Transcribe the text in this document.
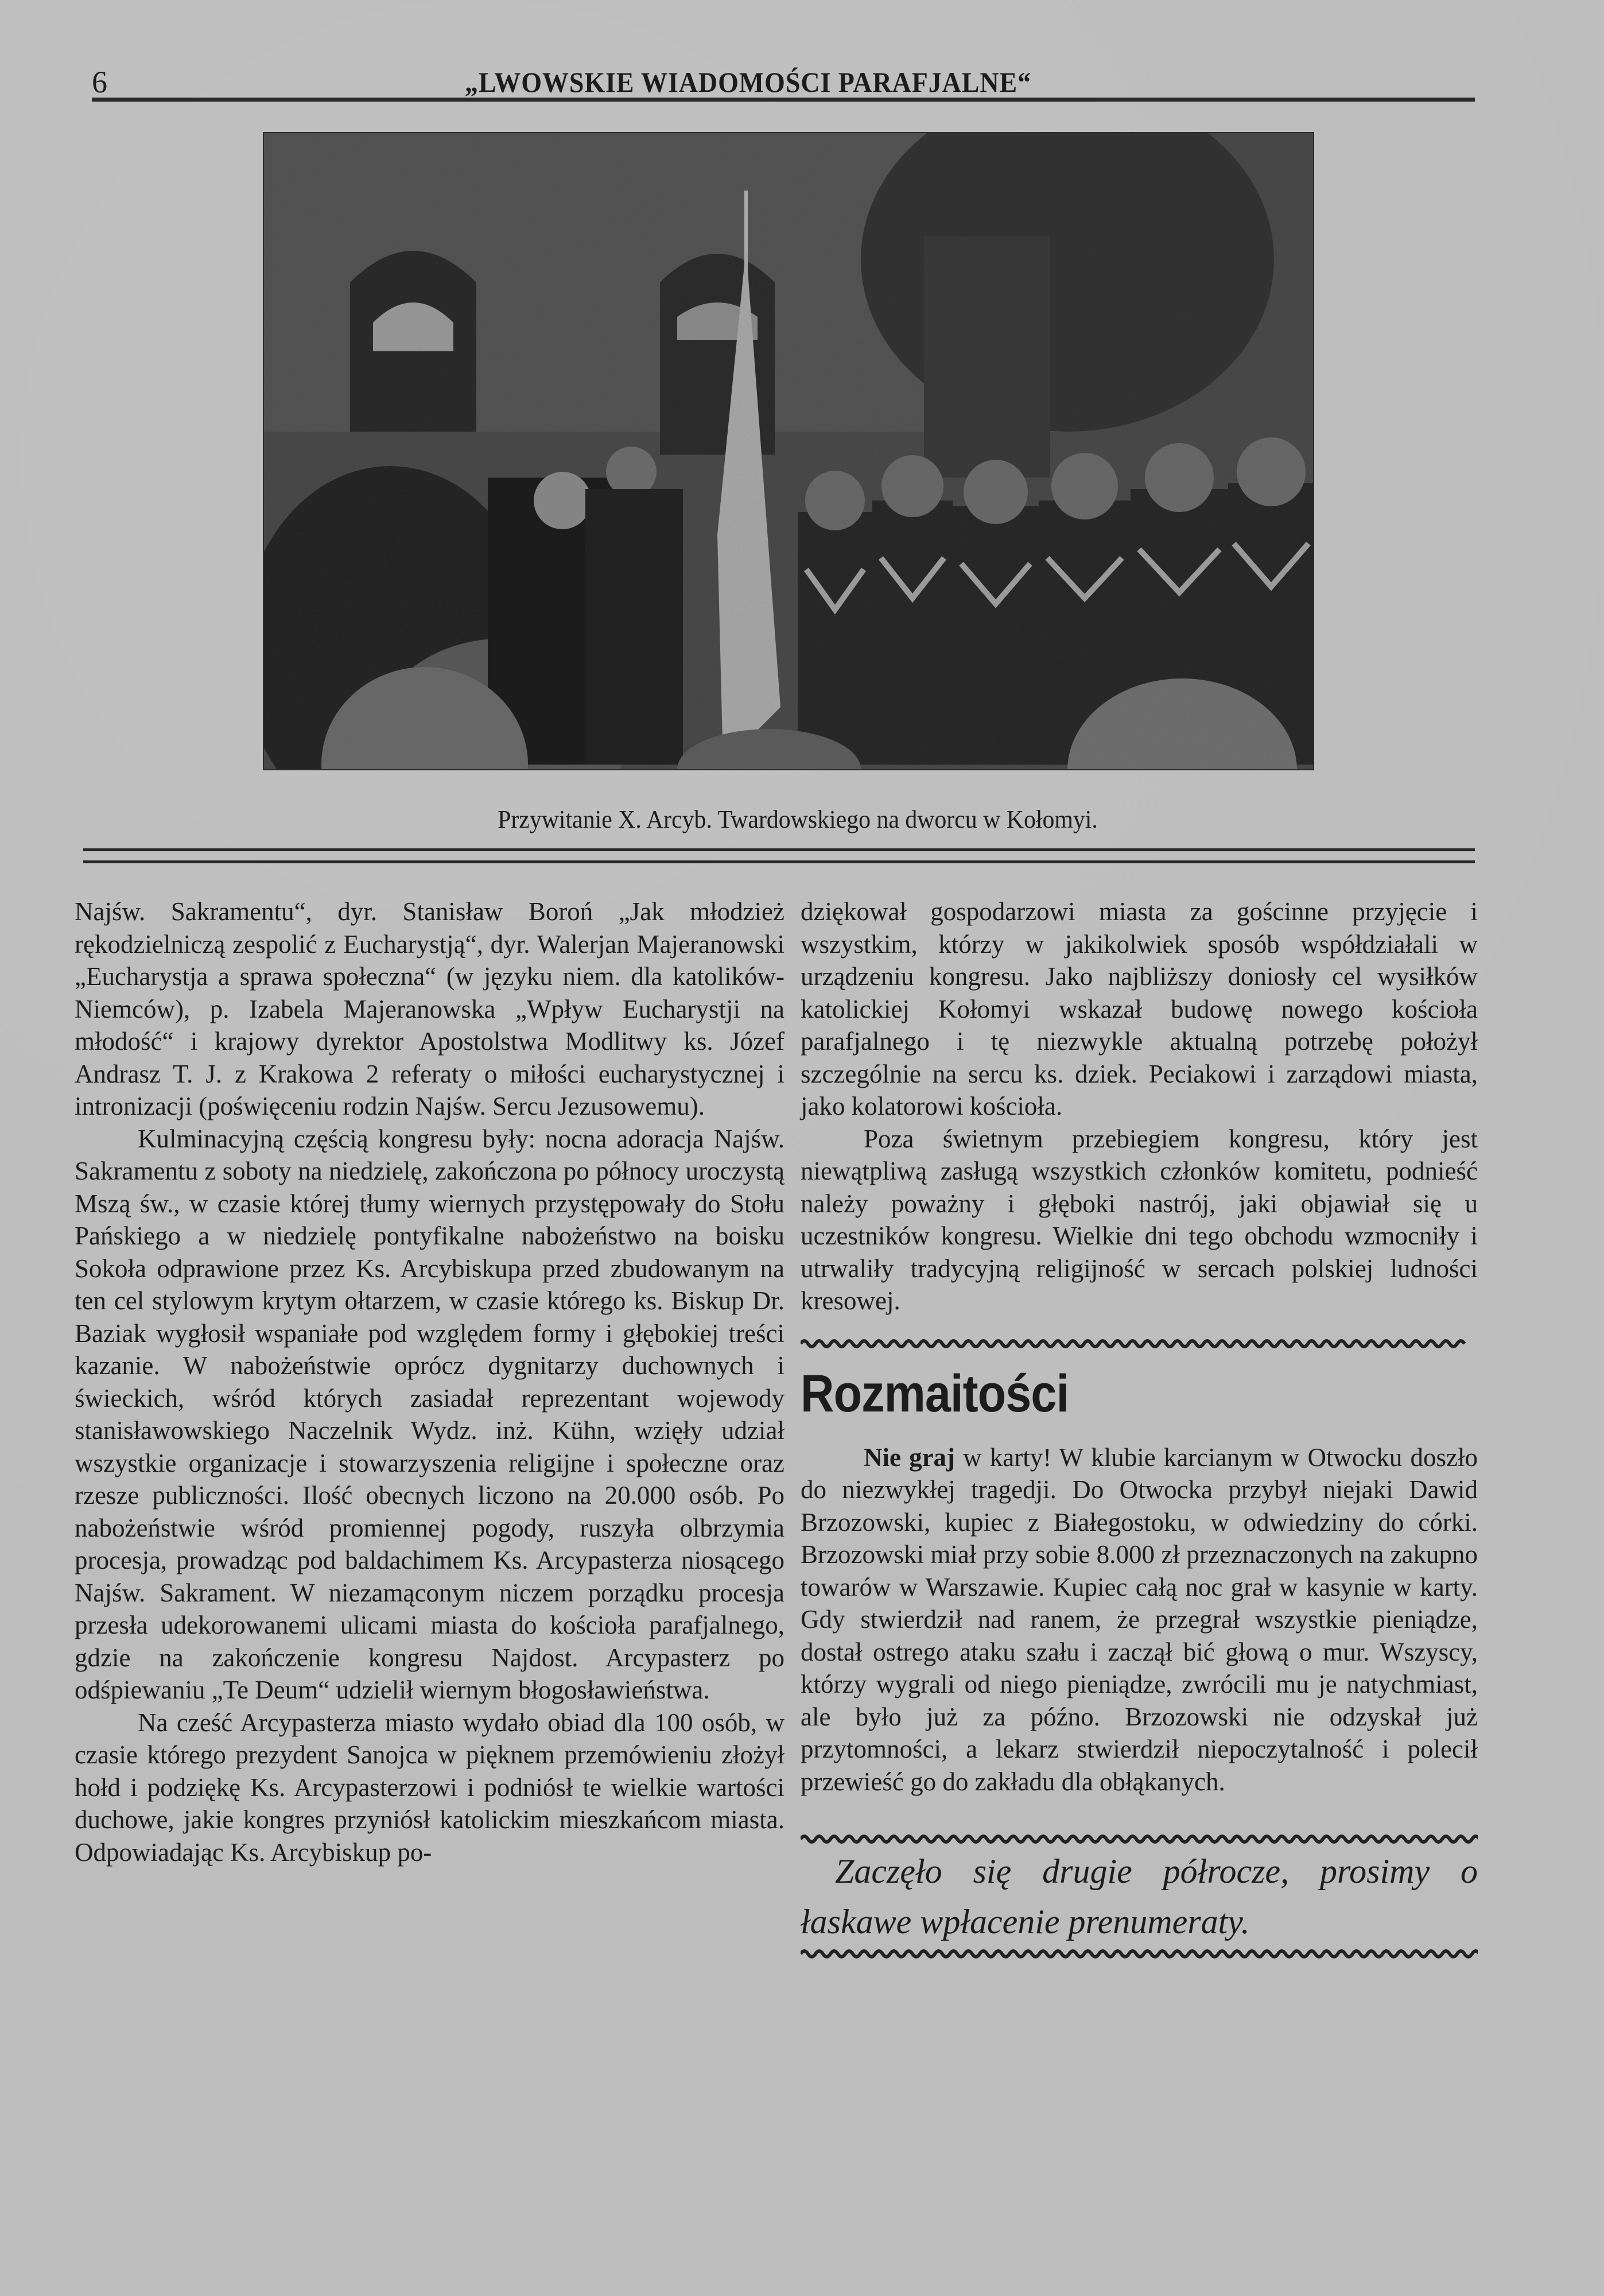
6	„LWOWSKIE WIADOMOŚCI PARAFJALNE“
Przywitanie X. Arcyb. Twardowskiego na dworcu w Kołomyi.

Najśw. Sakramentu“, dyr. Stanisław Boroń „Jak młodzież rękodzielniczą zespolić z Eucharystją“, dyr. Walerjan Majeranowski „Eucharystja a sprawa społeczna“ (w języku niem. dla katolików-Niemców), p. Izabela Majeranowska „Wpływ Eucharystji na młodość“ i krajowy dyrektor Apostolstwa Modlitwy ks. Józef Andrasz T. J. z Krakowa 2 referaty o miłości eucharystycznej i intronizacji (poświęceniu rodzin Najśw. Sercu Jezusowemu).

Kulminacyjną częścią kongresu były: nocna adoracja Najśw. Sakramentu z soboty na niedzielę, zakończona po północy uroczystą Mszą św., w czasie której tłumy wiernych przystępowały do Stołu Pańskiego a w niedzielę pontyfikalne nabożeństwo na boisku Sokoła odprawione przez Ks. Arcybiskupa przed zbudowanym na ten cel stylowym krytym ołtarzem, w czasie którego ks. Biskup Dr. Baziak wygłosił wspaniałe pod względem formy i głębokiej treści kazanie. W nabożeństwie oprócz dygnitarzy duchownych i świeckich, wśród których zasiadał reprezentant wojewody stanisławowskiego Naczelnik Wydz. inż. Kühn, wzięły udział wszystkie organizacje i stowarzyszenia religijne i społeczne oraz rzesze publiczności. Ilość obecnych liczono na 20.000 osób. Po nabożeństwie wśród promiennej pogody, ruszyła olbrzymia procesja, prowadząc pod baldachimem Ks. Arcypasterza niosącego Najśw. Sakrament. W niezamąconym niczem porządku procesja przesła udekorowanemi ulicami miasta do kościoła parafjalnego, gdzie na zakończenie kongresu Najdost. Arcypasterz po odśpiewaniu „Te Deum“ udzielił wiernym błogosławieństwa.

Na cześć Arcypasterza miasto wydało obiad dla 100 osób, w czasie którego prezydent Sanojca w pięknem przemówieniu złożył hołd i podziękę Ks. Arcypasterzowi i podniósł te wielkie wartości duchowe, jakie kongres przyniósł katolickim mieszkańcom miasta. Odpowiadając Ks. Arcybiskup po-

dziękował gospodarzowi miasta za gościnne przyjęcie i wszystkim, którzy w jakikolwiek sposób współdziałali w urządzeniu kongresu. Jako najbliższy doniosły cel wysiłków katolickiej Kołomyi wskazał budowę nowego kościoła parafjalnego i tę niezwykle aktualną potrzebę położył szczególnie na sercu ks. dziek. Peciakowi i zarządowi miasta, jako kolatorowi kościoła.

Poza świetnym przebiegiem kongresu, który jest niewątpliwą zasługą wszystkich członków komitetu, podnieść należy poważny i głęboki nastrój, jaki objawiał się u uczestników kongresu. Wielkie dni tego obchodu wzmocniły i utrwaliły tradycyjną religijność w sercach polskiej ludności kresowej.

Rozmaitości

Nie graj w karty! W klubie karcianym w Otwocku doszło do niezwykłej tragedji. Do Otwocka przybył niejaki Dawid Brzozowski, kupiec z Białegostoku, w odwiedziny do córki. Brzozowski miał przy sobie 8.000 zł przeznaczonych na zakupno towarów w Warszawie. Kupiec całą noc grał w kasynie w karty. Gdy stwierdził nad ranem, że przegrał wszystkie pieniądze, dostał ostrego ataku szału i zaczął bić głową o mur. Wszyscy, którzy wygrali od niego pieniądze, zwrócili mu je natychmiast, ale było już za późno. Brzozowski nie odzyskał już przytomności, a lekarz stwierdził niepoczytalność i polecił przewieść go do zakładu dla obłąkanych.

Zaczęło się drugie półrocze, prosimy o łaskawe wpłacenie prenumeraty.
